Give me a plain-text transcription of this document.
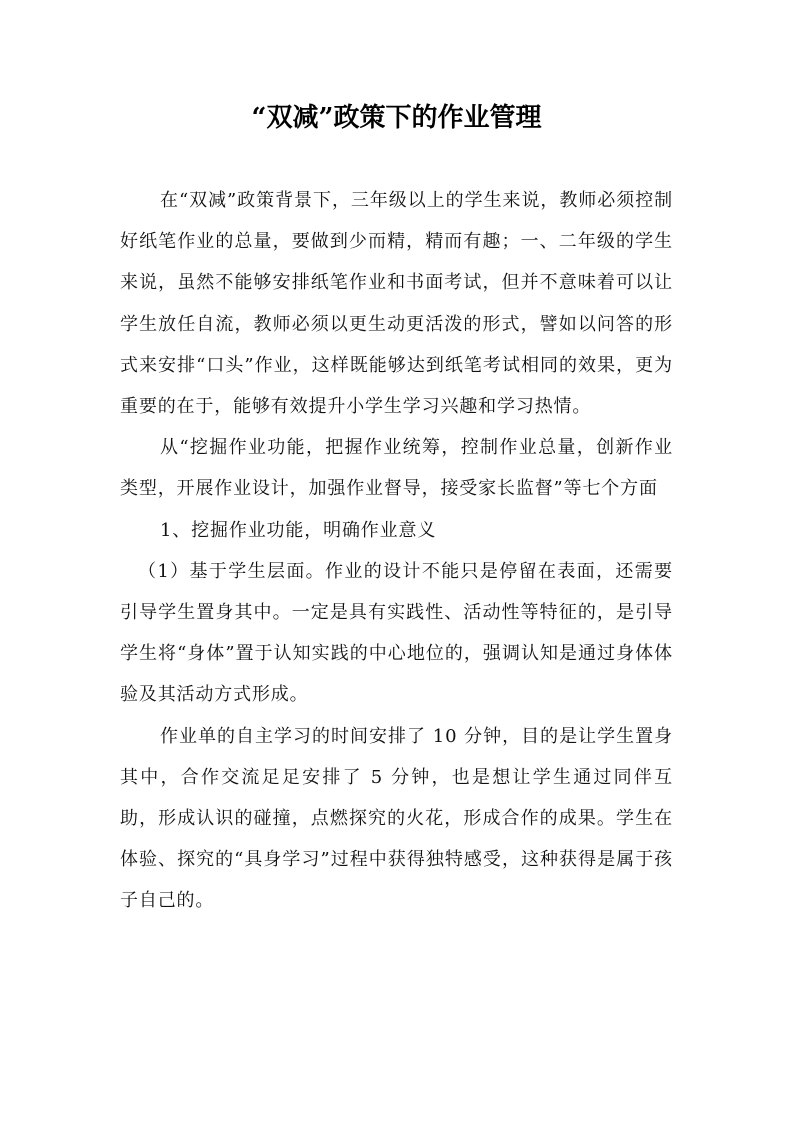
“双减”政策下的作业管理

在“双减”政策背景下，三年级以上的学生来说，教师必须控制好纸笔作业的总量，要做到少而精，精而有趣；一、二年级的学生来说，虽然不能够安排纸笔作业和书面考试，但并不意味着可以让学生放任自流，教师必须以更生动更活泼的形式，譬如以问答的形式来安排“口头”作业，这样既能够达到纸笔考试相同的效果，更为重要的在于，能够有效提升小学生学习兴趣和学习热情。

从“挖掘作业功能，把握作业统筹，控制作业总量，创新作业类型，开展作业设计，加强作业督导，接受家长监督”等七个方面

1、挖掘作业功能，明确作业意义

（1）基于学生层面。作业的设计不能只是停留在表面，还需要引导学生置身其中。一定是具有实践性、活动性等特征的，是引导学生将“身体”置于认知实践的中心地位的，强调认知是通过身体体验及其活动方式形成。

作业单的自主学习的时间安排了 10 分钟，目的是让学生置身其中，合作交流足足安排了 5 分钟，也是想让学生通过同伴互助，形成认识的碰撞，点燃探究的火花，形成合作的成果。学生在体验、探究的“具身学习”过程中获得独特感受，这种获得是属于孩子自己的。
